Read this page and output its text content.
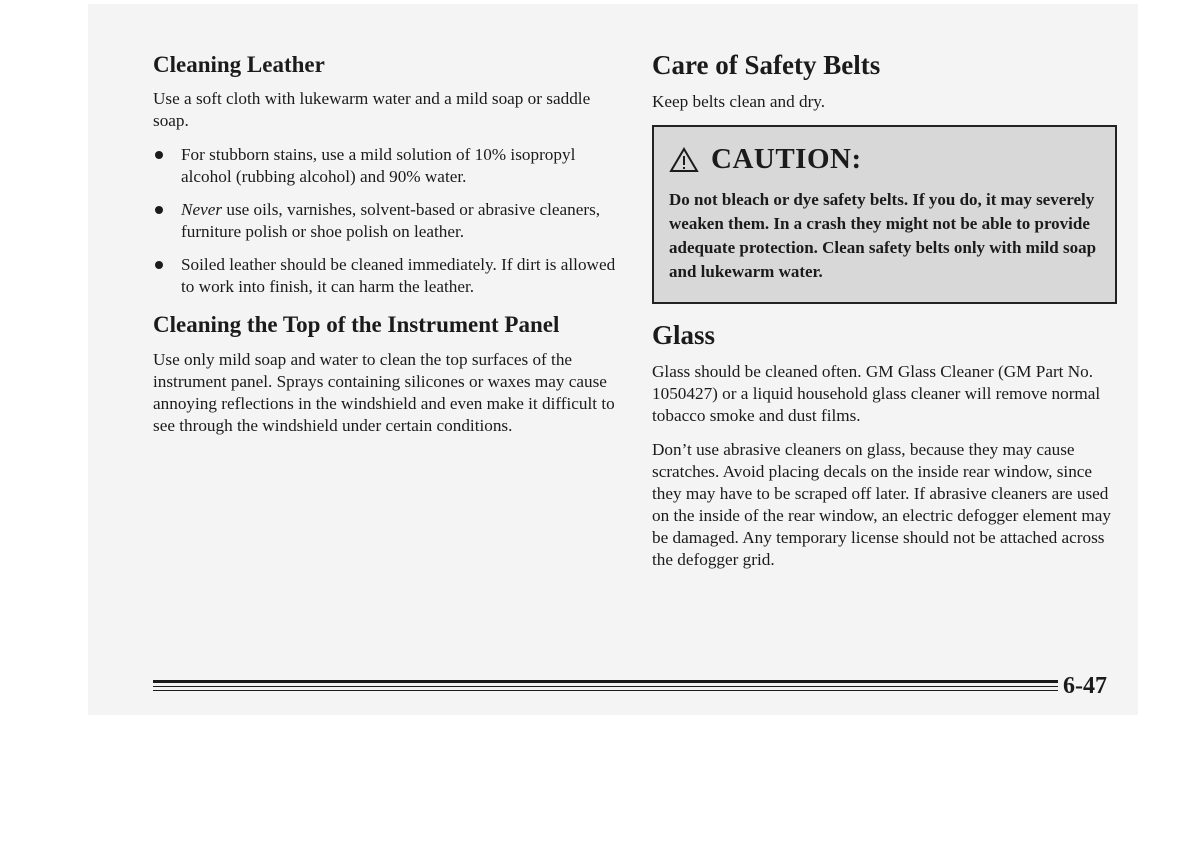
Cleaning Leather

Use a soft cloth with lukewarm water and a mild soap or saddle soap.

For stubborn stains, use a mild solution of 10% isopropyl alcohol (rubbing alcohol) and 90% water.
Never use oils, varnishes, solvent-based or abrasive cleaners, furniture polish or shoe polish on leather.
Soiled leather should be cleaned immediately. If dirt is allowed to work into finish, it can harm the leather.
Cleaning the Top of the Instrument Panel

Use only mild soap and water to clean the top surfaces of the instrument panel. Sprays containing silicones or waxes may cause annoying reflections in the windshield and even make it difficult to see through the windshield under certain conditions.

Care of Safety Belts

Keep belts clean and dry.

CAUTION:

Do not bleach or dye safety belts. If you do, it may severely weaken them. In a crash they might not be able to provide adequate protection. Clean safety belts only with mild soap and lukewarm water.

Glass

Glass should be cleaned often. GM Glass Cleaner (GM Part No. 1050427) or a liquid household glass cleaner will remove normal tobacco smoke and dust films.

Don’t use abrasive cleaners on glass, because they may cause scratches. Avoid placing decals on the inside rear window, since they may have to be scraped off later. If abrasive cleaners are used on the inside of the rear window, an electric defogger element may be damaged. Any temporary license should not be attached across the defogger grid.

6-47
